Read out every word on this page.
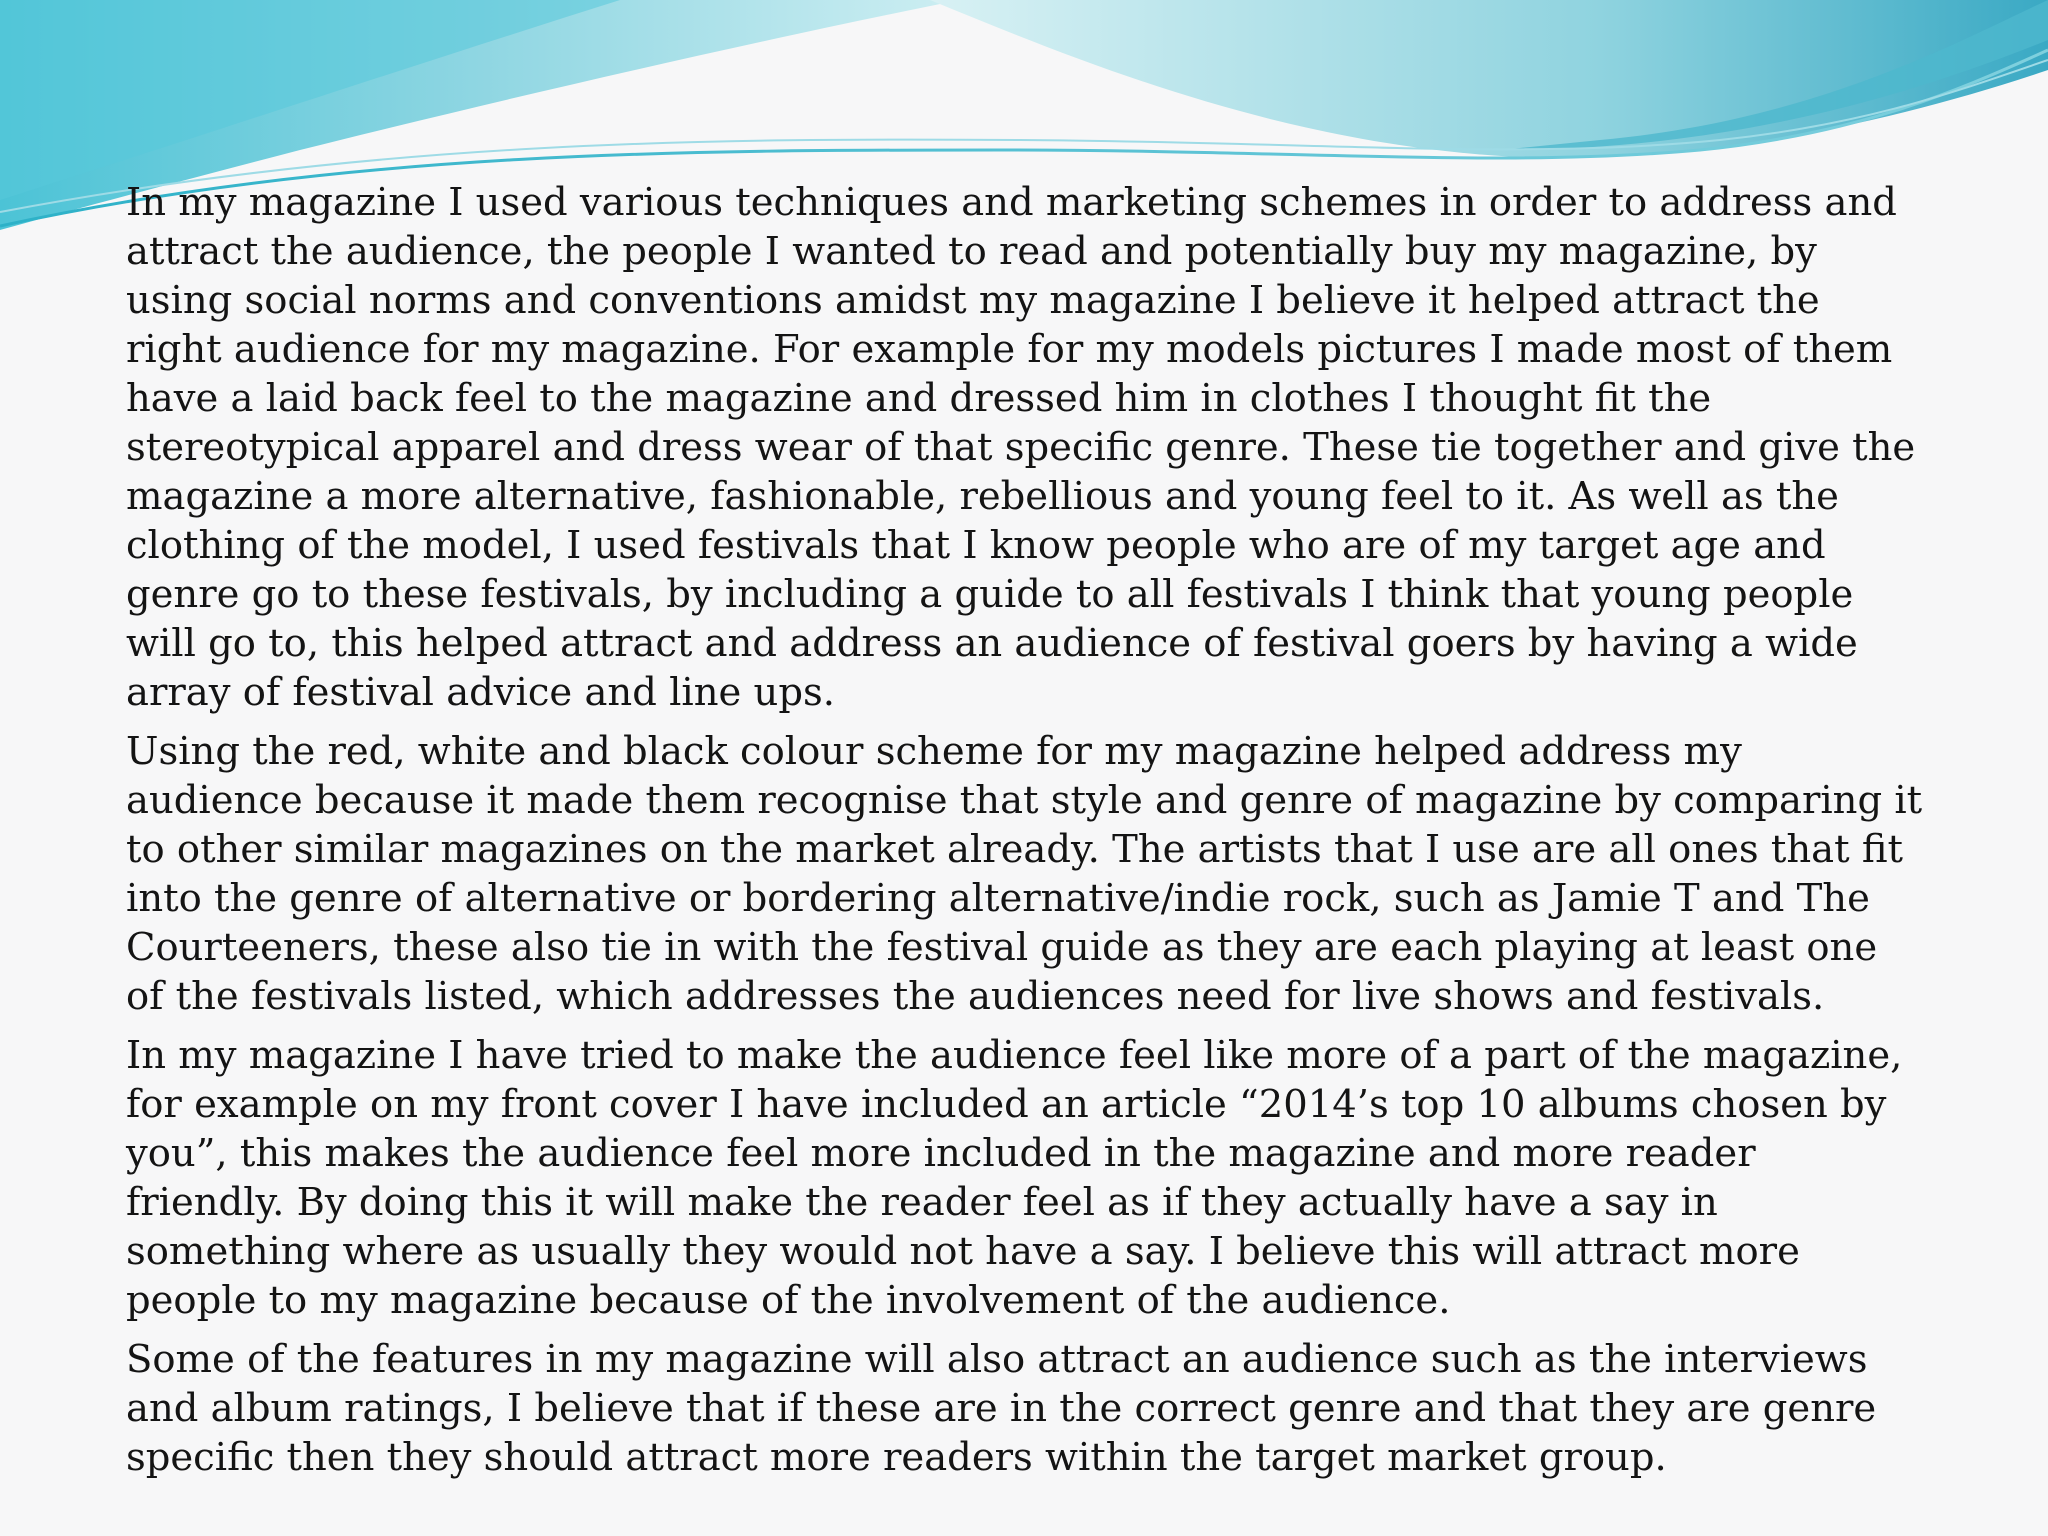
In my magazine I used various techniques and marketing schemes in order to address and attract the audience, the people I wanted to read and potentially buy my magazine, by using social norms and conventions amidst my magazine I believe it helped attract the right audience for my magazine. For example for my models pictures I made most of them have a laid back feel to the magazine and dressed him in clothes I thought fit the stereotypical apparel and dress wear of that specific genre. These tie together and give the magazine a more alternative, fashionable, rebellious and young feel to it. As well as the clothing of the model, I used festivals that I know people who are of my target age and genre go to these festivals, by including a guide to all festivals I think that young people will go to, this helped attract and address an audience of festival goers by having a wide array of festival advice and line ups.

Using the red, white and black colour scheme for my magazine helped address my audience because it made them recognise that style and genre of magazine by comparing it to other similar magazines on the market already. The artists that I use are all ones that fit into the genre of alternative or bordering alternative/indie rock, such as Jamie T and The Courteeners, these also tie in with the festival guide as they are each playing at least one of the festivals listed, which addresses the audiences need for live shows and festivals.

In my magazine I have tried to make the audience feel like more of a part of the magazine, for example on my front cover I have included an article “2014’s top 10 albums chosen by you”, this makes the audience feel more included in the magazine and more reader friendly. By doing this it will make the reader feel as if they actually have a say in something where as usually they would not have a say. I believe this will attract more people to my magazine because of the involvement of the audience.

Some of the features in my magazine will also attract an audience such as the interviews and album ratings, I believe that if these are in the correct genre and that they are genre specific then they should attract more readers within the target market group.
